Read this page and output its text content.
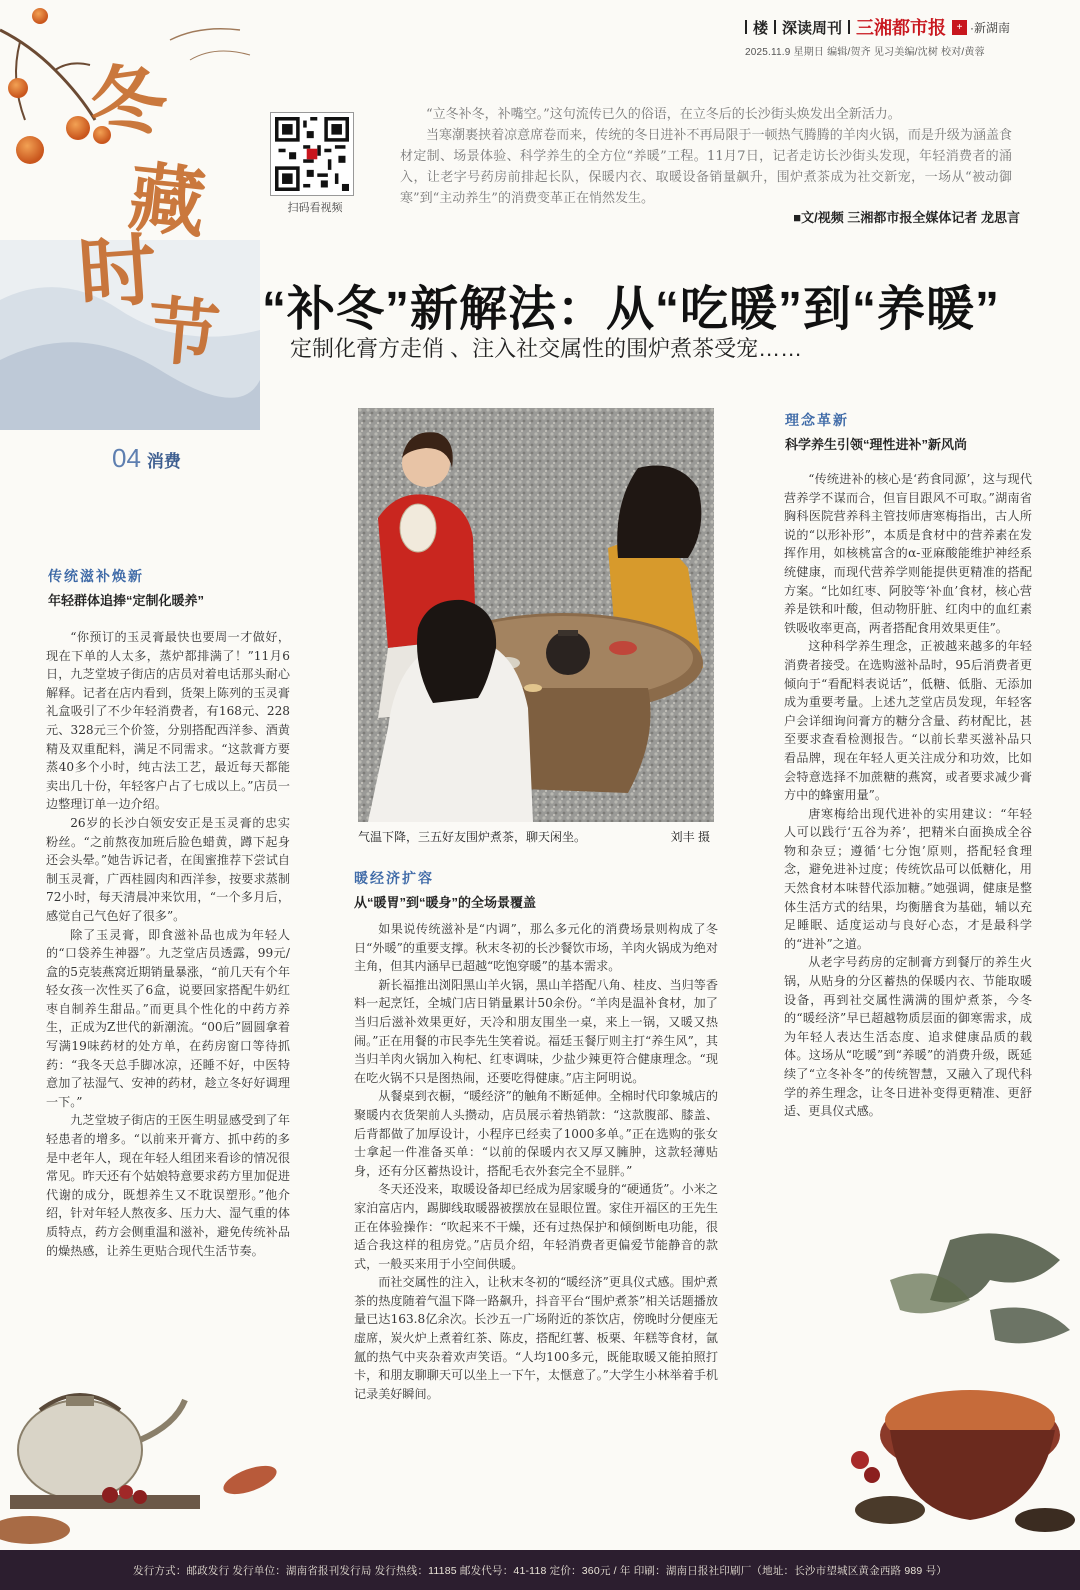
楼 深读周刊 三湘都市报	+ ·新湖南
2025.11.9 星期日 编辑/贺齐 见习美编/沈树 校对/黄蓉
冬
藏
时
节
扫码看视频

“立冬补冬，补嘴空。”这句流传已久的俗语，在立冬后的长沙街头焕发出全新活力。

当寒潮裹挟着凉意席卷而来，传统的冬日进补不再局限于一顿热气腾腾的羊肉火锅，而是升级为涵盖食材定制、场景体验、科学养生的全方位“养暖”工程。11月7日，记者走访长沙街头发现，年轻消费者的涌入，让老字号药房前排起长队，保暖内衣、取暖设备销量飙升，围炉煮茶成为社交新宠，一场从“被动御寒”到“主动养生”的消费变革正在悄然发生。

■文/视频 三湘都市报全媒体记者 龙思言
“补冬”新解法：从“吃暖”到“养暖”
定制化膏方走俏 、注入社交属性的围炉煮茶受宠……
04 消费
传统滋补焕新
年轻群体追捧“定制化暖养”

“你预订的玉灵膏最快也要周一才做好，现在下单的人太多，蒸炉都排满了！”11月6日，九芝堂坡子街店的店员对着电话那头耐心解释。记者在店内看到，货架上陈列的玉灵膏礼盒吸引了不少年轻消费者，有168元、228元、328元三个价签，分别搭配西洋参、酒黄精及双重配料，满足不同需求。“这款膏方要蒸40多个小时，纯古法工艺，最近每天都能卖出几十份，年轻客户占了七成以上。”店员一边整理订单一边介绍。

26岁的长沙白领安安正是玉灵膏的忠实粉丝。“之前熬夜加班后脸色蜡黄，蹲下起身还会头晕。”她告诉记者，在闺蜜推荐下尝试自制玉灵膏，广西桂圆肉和西洋参，按要求蒸制72小时，每天清晨冲来饮用，“一个多月后，感觉自己气色好了很多”。

除了玉灵膏，即食滋补品也成为年轻人的“口袋养生神器”。九芝堂店员透露，99元/盒的5克装燕窝近期销量暴涨，“前几天有个年轻女孩一次性买了6盒，说要回家搭配牛奶红枣自制养生甜品。”而更具个性化的中药方养生，正成为Z世代的新潮流。“00后”圆圆拿着写满19味药材的处方单，在药房窗口等待抓药：“我冬天总手脚冰凉，还睡不好，中医特意加了祛湿气、安神的药材，趁立冬好好调理一下。”

九芝堂坡子街店的王医生明显感受到了年轻患者的增多。“以前来开膏方、抓中药的多是中老年人，现在年轻人组团来看诊的情况很常见。昨天还有个姑娘特意要求药方里加促进代谢的成分，既想养生又不耽误塑形。”他介绍，针对年轻人熬夜多、压力大、湿气重的体质特点，药方会侧重温和滋补，避免传统补品的燥热感，让养生更贴合现代生活节奏。

气温下降，三五好友围炉煮茶，聊天闲坐。	刘丰 摄
暖经济扩容
从“暖胃”到“暖身”的全场景覆盖

如果说传统滋补是“内调”，那么多元化的消费场景则构成了冬日“外暖”的重要支撑。秋末冬初的长沙餐饮市场，羊肉火锅成为绝对主角，但其内涵早已超越“吃饱穿暖”的基本需求。

新长福推出浏阳黑山羊火锅，黑山羊搭配八角、桂皮、当归等香料一起烹饪，全城门店日销量累计50余份。“羊肉是温补食材，加了当归后滋补效果更好，天冷和朋友围坐一桌，来上一锅，又暖又热闹。”正在用餐的市民李先生笑着说。福廷玉餐厅则主打“养生风”，其当归羊肉火锅加入枸杞、红枣调味，少盐少辣更符合健康理念。“现在吃火锅不只是图热闹，还要吃得健康。”店主阿明说。

从餐桌到衣橱，“暖经济”的触角不断延伸。全棉时代印象城店的聚暖内衣货架前人头攒动，店员展示着热销款：“这款腹部、膝盖、后背都做了加厚设计，小程序已经卖了1000多单。”正在选购的张女士拿起一件准备买单：“以前的保暖内衣又厚又臃肿，这款轻薄贴身，还有分区蓄热设计，搭配毛衣外套完全不显胖。”

冬天还没来，取暖设备却已经成为居家暖身的“硬通货”。小米之家泊富店内，踢脚线取暖器被摆放在显眼位置。家住开福区的王先生正在体验操作：“吹起来不干燥，还有过热保护和倾倒断电功能，很适合我这样的租房党。”店员介绍，年轻消费者更偏爱节能静音的款式，一般买来用于小空间供暖。

而社交属性的注入，让秋末冬初的“暖经济”更具仪式感。围炉煮茶的热度随着气温下降一路飙升，抖音平台“围炉煮茶”相关话题播放量已达163.8亿余次。长沙五一广场附近的茶饮店，傍晚时分便座无虚席，炭火炉上煮着红茶、陈皮，搭配红薯、板栗、年糕等食材，氤氲的热气中夹杂着欢声笑语。“人均100多元，既能取暖又能拍照打卡，和朋友聊聊天可以坐上一下午，太惬意了。”大学生小林举着手机记录美好瞬间。

理念革新
科学养生引领“理性进补”新风尚

“传统进补的核心是‘药食同源’，这与现代营养学不谋而合，但盲目跟风不可取。”湖南省胸科医院营养科主管技师唐寒梅指出，古人所说的“以形补形”，本质是食材中的营养素在发挥作用，如核桃富含的α-亚麻酸能维护神经系统健康，而现代营养学则能提供更精准的搭配方案。“比如红枣、阿胶等‘补血’食材，核心营养是铁和叶酸，但动物肝脏、红肉中的血红素铁吸收率更高，两者搭配食用效果更佳”。

这种科学养生理念，正被越来越多的年轻消费者接受。在选购滋补品时，95后消费者更倾向于“看配料表说话”，低糖、低脂、无添加成为重要考量。上述九芝堂店员发现，年轻客户会详细询问膏方的糖分含量、药材配比，甚至要求查看检测报告。“以前长辈买滋补品只看品牌，现在年轻人更关注成分和功效，比如会特意选择不加蔗糖的燕窝，或者要求减少膏方中的蜂蜜用量”。

唐寒梅给出现代进补的实用建议：“年轻人可以践行‘五谷为养’，把精米白面换成全谷物和杂豆；遵循‘七分饱’原则，搭配轻食理念，避免进补过度；传统饮品可以低糖化，用天然食材本味替代添加糖。”她强调，健康是整体生活方式的结果，均衡膳食为基础，辅以充足睡眠、适度运动与良好心态，才是最科学的“进补”之道。

从老字号药房的定制膏方到餐厅的养生火锅，从贴身的分区蓄热的保暖内衣、节能取暖设备，再到社交属性满满的围炉煮茶，今冬的“暖经济”早已超越物质层面的御寒需求，成为年轻人表达生活态度、追求健康品质的载体。这场从“吃暖”到“养暖”的消费升级，既延续了“立冬补冬”的传统智慧，又融入了现代科学的养生理念，让冬日进补变得更精准、更舒适、更具仪式感。

发行方式：邮政发行 发行单位：湖南省报刊发行局 发行热线：11185 邮发代号：41-118 定价：360元 / 年 印刷：湖南日报社印刷厂（地址：长沙市望城区黄金西路 989 号）
